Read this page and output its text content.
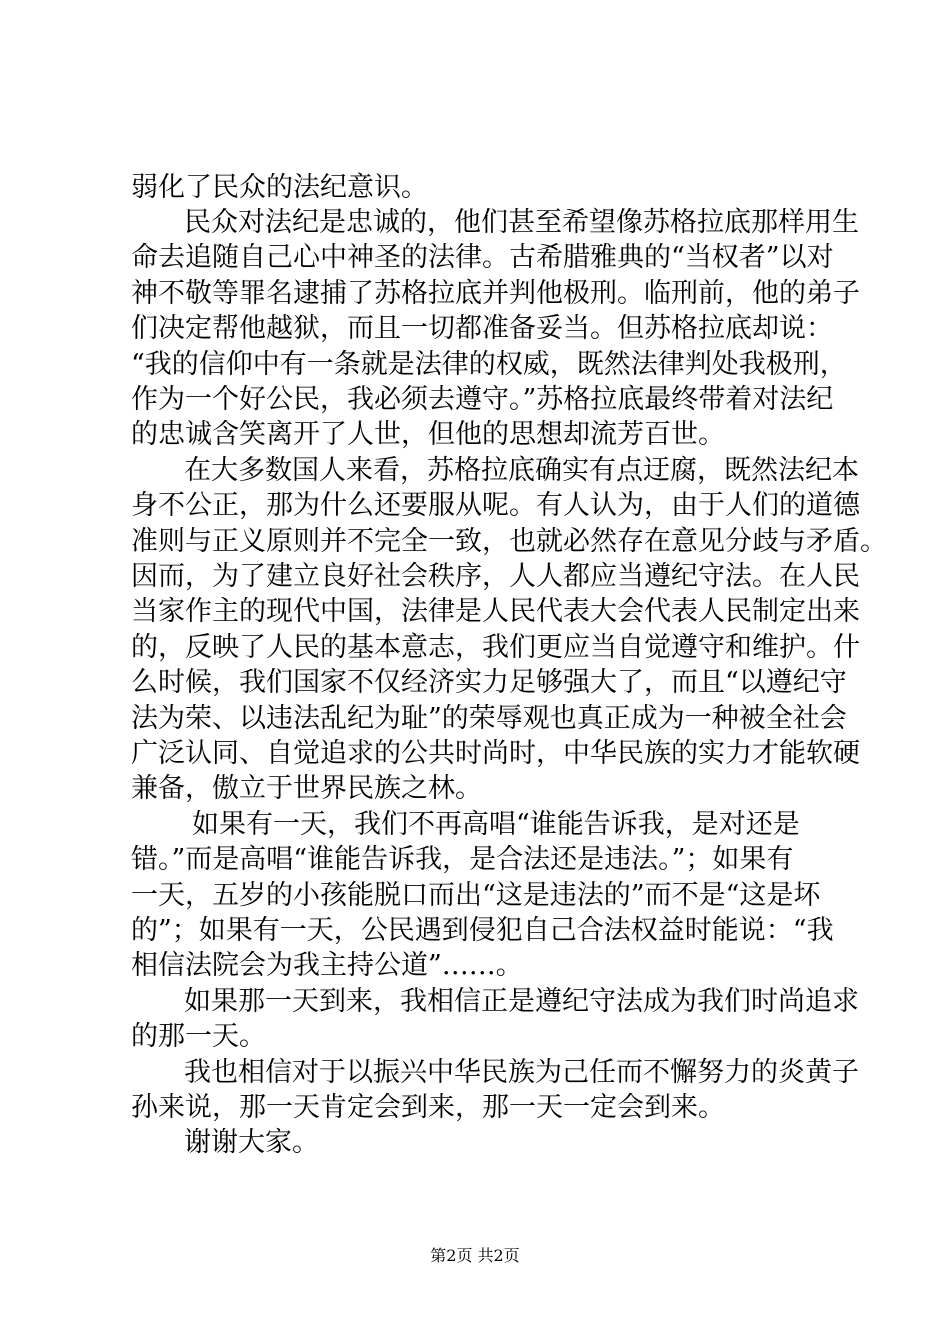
弱化了民众的法纪意识。
民众对法纪是忠诚的，他们甚至希望像苏格拉底那样用生
命去追随自己心中神圣的法律。古希腊雅典的“当权者”以对
神不敬等罪名逮捕了苏格拉底并判他极刑。临刑前，他的弟子
们决定帮他越狱，而且一切都准备妥当。但苏格拉底却说：
“我的信仰中有一条就是法律的权威，既然法律判处我极刑，
作为一个好公民，我必须去遵守。”苏格拉底最终带着对法纪
的忠诚含笑离开了人世，但他的思想却流芳百世。
在大多数国人来看，苏格拉底确实有点迂腐，既然法纪本
身不公正，那为什么还要服从呢。有人认为，由于人们的道德
准则与正义原则并不完全一致，也就必然存在意见分歧与矛盾。
因而，为了建立良好社会秩序，人人都应当遵纪守法。在人民
当家作主的现代中国，法律是人民代表大会代表人民制定出来
的，反映了人民的基本意志，我们更应当自觉遵守和维护。什
么时候，我们国家不仅经济实力足够强大了，而且“以遵纪守
法为荣、以违法乱纪为耻”的荣辱观也真正成为一种被全社会
广泛认同、自觉追求的公共时尚时，中华民族的实力才能软硬
兼备，傲立于世界民族之林。
如果有一天，我们不再高唱“谁能告诉我，是对还是
错。”而是高唱“谁能告诉我，是合法还是违法。”；如果有
一天，五岁的小孩能脱口而出“这是违法的”而不是“这是坏
的”；如果有一天，公民遇到侵犯自己合法权益时能说：“我
相信法院会为我主持公道”……。
如果那一天到来，我相信正是遵纪守法成为我们时尚追求
的那一天。
我也相信对于以振兴中华民族为己任而不懈努力的炎黄子
孙来说，那一天肯定会到来，那一天一定会到来。
谢谢大家。
第2页 共2页
